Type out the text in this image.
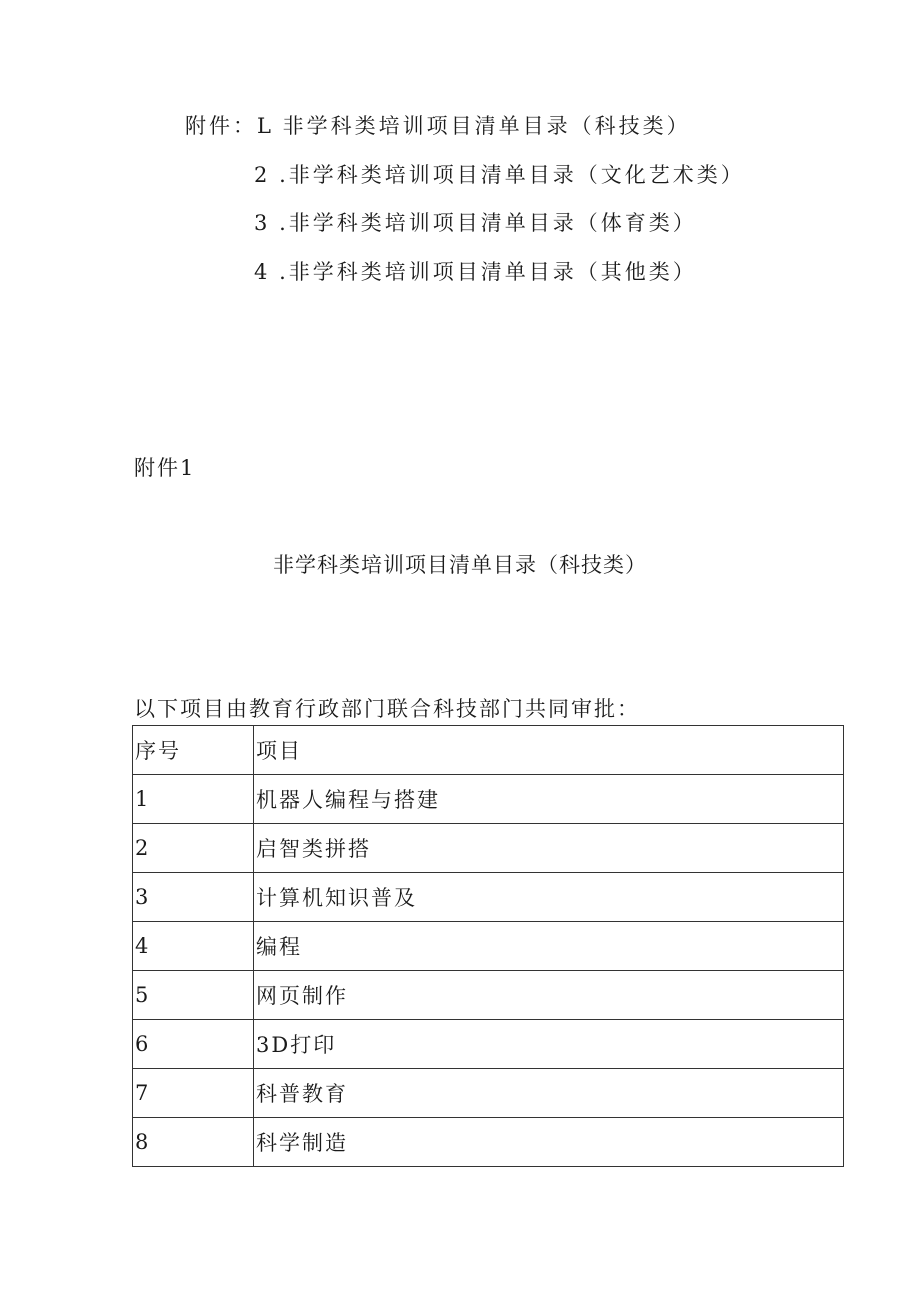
附件：L 非学科类培训项目清单目录（科技类）
2 .非学科类培训项目清单目录（文化艺术类）
3 .非学科类培训项目清单目录（体育类）
4 .非学科类培训项目清单目录（其他类）
附件1
非学科类培训项目清单目录（科技类）
以下项目由教育行政部门联合科技部门共同审批：
序号	项目
1	机器人编程与搭建
2	启智类拼搭
3	计算机知识普及
4	编程
5	网页制作
6	3D打印
7	科普教育
8	科学制造
